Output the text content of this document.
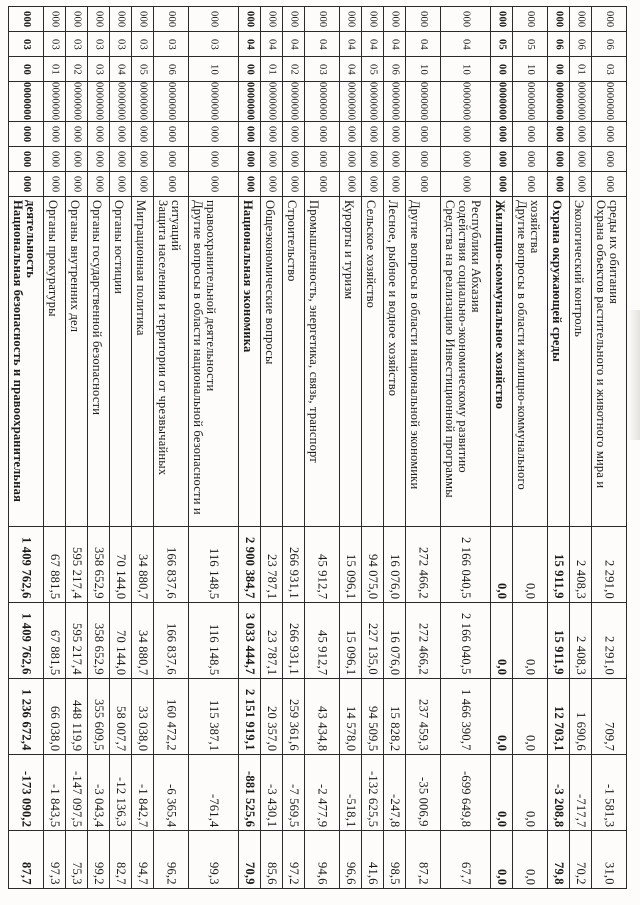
000
03
00
0000000
000
000
000
Национальная безопасность и правоохранительная деятельность
1 409 762,6
1 409 762,6
1 236 672,4
-173 090,2
87,7
000
03
01
0000000
000
000
000
Органы прокуратуры
67 881,5
67 881,5
66 038,0
-1 843,5
97,3
000
03
02
0000000
000
000
000
Органы внутренних дел
595 217,4
595 217,4
448 119,9
-147 097,5
75,3
000
03
03
0000000
000
000
000
Органы государственной безопасности
358 652,9
358 652,9
355 609,5
-3 043,4
99,2
000
03
04
0000000
000
000
000
Органы юстиции
70 144,0
70 144,0
58 007,7
-12 136,3
82,7
000
03
05
0000000
000
000
000
Миграционная политика
34 880,7
34 880,7
33 038,0
-1 842,7
94,7
000
03
06
0000000
000
000
000
Защита населения и территории от чрезвычайных ситуаций
166 837,6
166 837,6
160 472,2
-6 365,4
96,2
000
03
10
0000000
000
000
000
Другие вопросы в области национальной безопасности и правоохранительной деятельности
116 148,5
116 148,5
115 387,1
-761,4
99,3
000
04
00
0000000
000
000
000
Национальная экономика
2 900 384,7
3 033 444,7
2 151 919,1
-881 525,6
70,9
000
04
01
0000000
000
000
000
Общеэкономические вопросы
23 787,1
23 787,1
20 357,0
-3 430,1
85,6
000
04
02
0000000
000
000
000
Строительство
266 931,1
266 931,1
259 361,6
-7 569,5
97,2
000
04
03
0000000
000
000
000
Промышленность, энергетика, связь, транспорт
45 912,7
45 912,7
43 434,8
-2 477,9
94,6
000
04
04
0000000
000
000
000
Курорты и туризм
15 096,1
15 096,1
14 578,0
-518,1
96,6
000
04
05
0000000
000
000
000
Сельское хозяйство
94 075,0
227 135,0
94 509,5
-132 625,5
41,6
000
04
06
0000000
000
000
000
Лесное, рыбное и водное хозяйство
16 076,0
16 076,0
15 828,2
-247,8
98,5
000
04
10
0000000
000
000
000
Другие вопросы в области национальной экономики
272 466,2
272 466,2
237 459,3
-35 006,9
87,2
000
04
10
0000000
000
000
000
Средства на реализацию Инвестиционной программы содействия социально-экономическому развитию Республики Абхазия
2 166 040,5
2 166 040,5
1 466 390,7
-699 649,8
67,7
000
05
00
0000000
000
000
000
Жилищно-коммунальное хозяйство
0,0
0,0
0,0
0,0
0,0
000
05
10
0000000
000
000
000
Другие вопросы в области жилищно-коммунального хозяйства
0,0
0,0
0,0
0,0
0,0
000
06
00
0000000
000
000
000
Охрана окружающей среды
15 911,9
15 911,9
12 703,1
-3 208,8
79,8
000
06
01
0000000
000
000
000
Экологический контроль
2 408,3
2 408,3
1 690,6
-717,7
70,2
000
06
03
0000000
000
000
000
Охрана объектов растительного и животного мира и среды их обитания
2 291,0
2 291,0
709,7
-1 581,3
31,0
